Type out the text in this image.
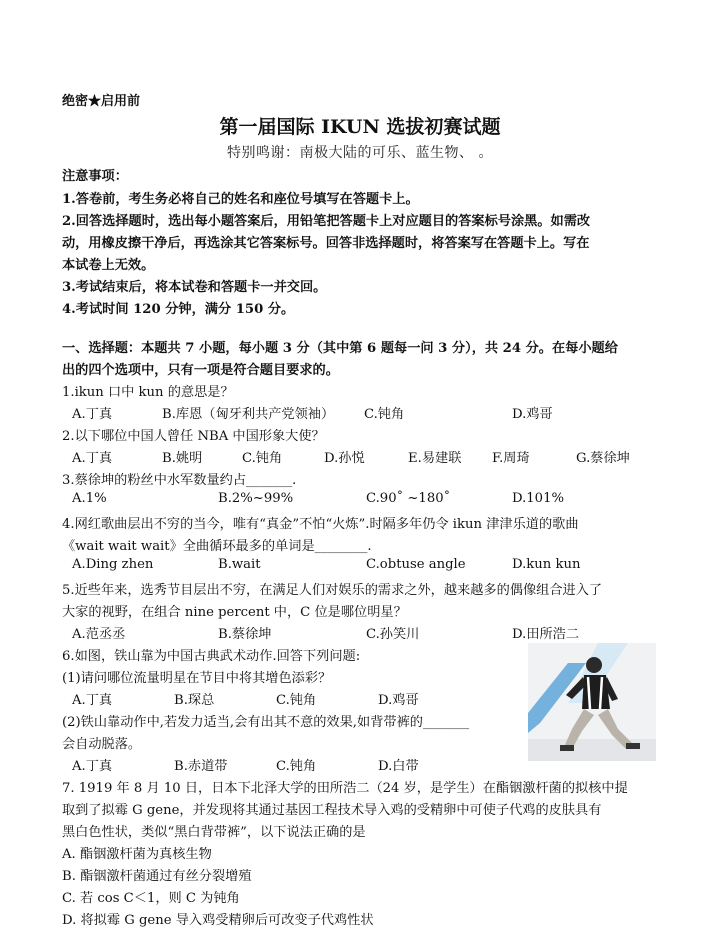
绝密★启用前
第一届国际 IKUN 选拔初赛试题
特别鸣谢：南极大陆的可乐、蓝生物、 。
注意事项：
1.答卷前，考生务必将自己的姓名和座位号填写在答题卡上。
2.回答选择题时，选出每小题答案后，用铅笔把答题卡上对应题目的答案标号涂黑。如需改
动，用橡皮擦干净后，再选涂其它答案标号。回答非选择题时，将答案写在答题卡上。写在
本试卷上无效。
3.考试结束后，将本试卷和答题卡一并交回。
4.考试时间 120 分钟，满分 150 分。
一、选择题：本题共 7 小题，每小题 3 分（其中第 6 题每一问 3 分），共 24 分。在每小题给
出的四个选项中，只有一项是符合题目要求的。
1.ikun 口中 kun 的意思是？
A.丁真	B.库恩（匈牙利共产党领袖） C.钝角	D.鸡哥
2.以下哪位中国人曾任 NBA 中国形象大使？
A.丁真	B.姚明	C.钝角	D.孙悦	E.易建联 F.周琦	G.蔡徐坤
3.蔡徐坤的粉丝中水军数量约占_______.
A.1%	B.2%~99%	C.90˚ ~180˚	D.101%
4.网红歌曲层出不穷的当今，唯有“真金”不怕“火炼”.时隔多年仍令 ikun 津津乐道的歌曲
《wait wait wait》全曲循环最多的单词是________.
A.Ding zhen	B.wait	C.obtuse angle	D.kun kun
5.近些年来，选秀节目层出不穷，在满足人们对娱乐的需求之外，越来越多的偶像组合进入了
大家的视野，在组合 nine percent 中，C 位是哪位明星？
A.范丞丞	B.蔡徐坤	C.孙笑川	D.田所浩二
6.如图，铁山靠为中国古典武术动作.回答下列问题:
(1)请问哪位流量明星在节目中将其增色添彩？
A.丁真	B.琛总	C.钝角	D.鸡哥
(2)铁山靠动作中,若发力适当,会有出其不意的效果,如背带裤的_______
会自动脱落。
A.丁真	B.赤道带	C.钝角	D.白带
7. 1919 年 8 月 10 日，日本下北泽大学的田所浩二（24 岁，是学生）在酯铟激杆菌的拟核中提
取到了拟霉 G gene，并发现将其通过基因工程技术导入鸡的受精卵中可使子代鸡的皮肤具有
黑白色性状，类似“黑白背带裤”，以下说法正确的是
A. 酯铟激杆菌为真核生物
B. 酯铟激杆菌通过有丝分裂增殖
C. 若 cos C＜1，则 C 为钝角
D. 将拟霉 G gene 导入鸡受精卵后可改变子代鸡性状
